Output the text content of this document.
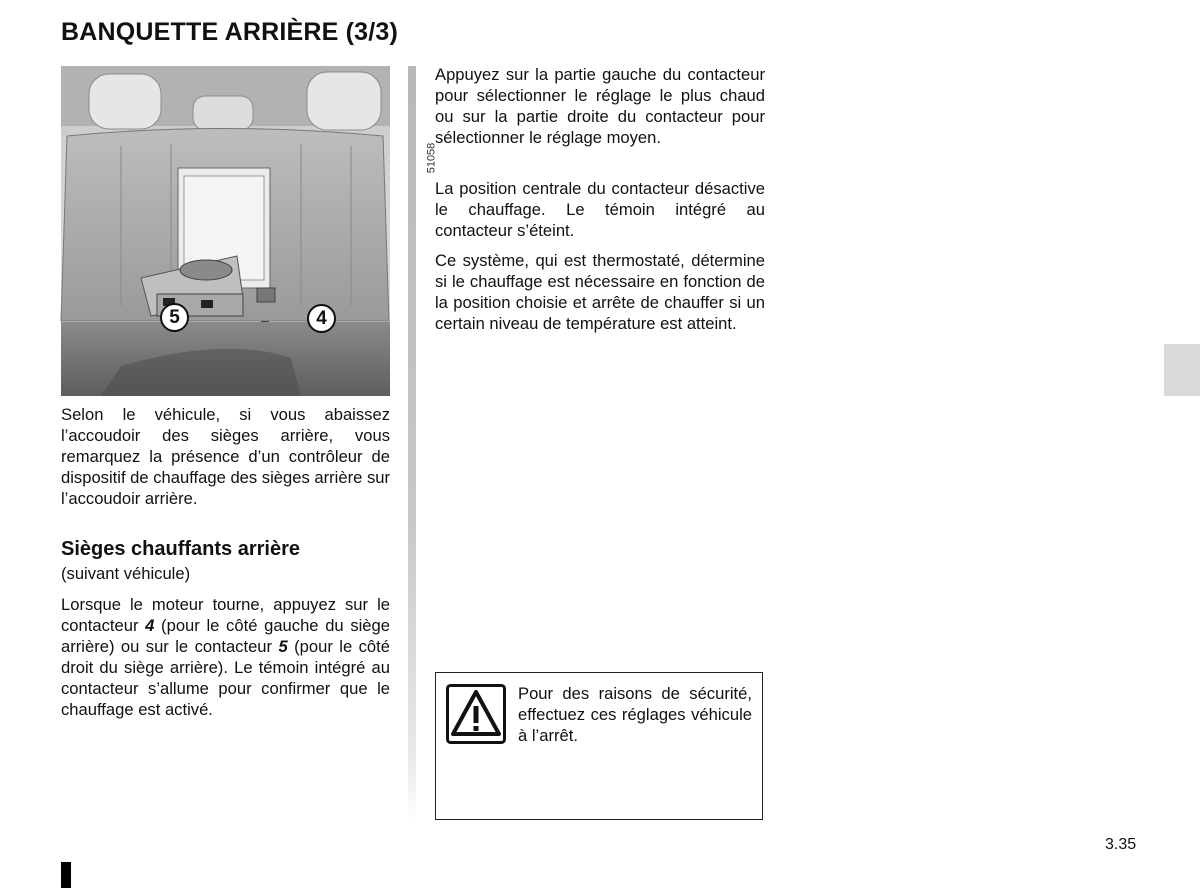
BANQUETTE ARRIÈRE (3/3)
51058
5	4

Selon le véhicule, si vous abaissez l’accoudoir des sièges arrière, vous remarquez la présence d’un contrôleur de dispositif de chauffage des sièges arrière sur l’accoudoir arrière.

Sièges chauffants arrière

(suivant véhicule)

Lorsque le moteur tourne, appuyez sur le contacteur 4 (pour le côté gauche du siège arrière) ou sur le contacteur 5 (pour le côté droit du siège arrière). Le témoin intégré au contacteur s’allume pour confirmer que le chauffage est activé.

Appuyez sur la partie gauche du contacteur pour sélectionner le réglage le plus chaud ou sur la partie droite du contacteur pour sélectionner le réglage moyen.

La position centrale du contacteur désactive le chauffage. Le témoin intégré au contacteur s’éteint.

Ce système, qui est thermostaté, détermine si le chauffage est nécessaire en fonction de la position choisie et arrête de chauffer si un certain niveau de température est atteint.

Pour des raisons de sécurité, effectuez ces réglages véhicule à l’arrêt.

3.35
